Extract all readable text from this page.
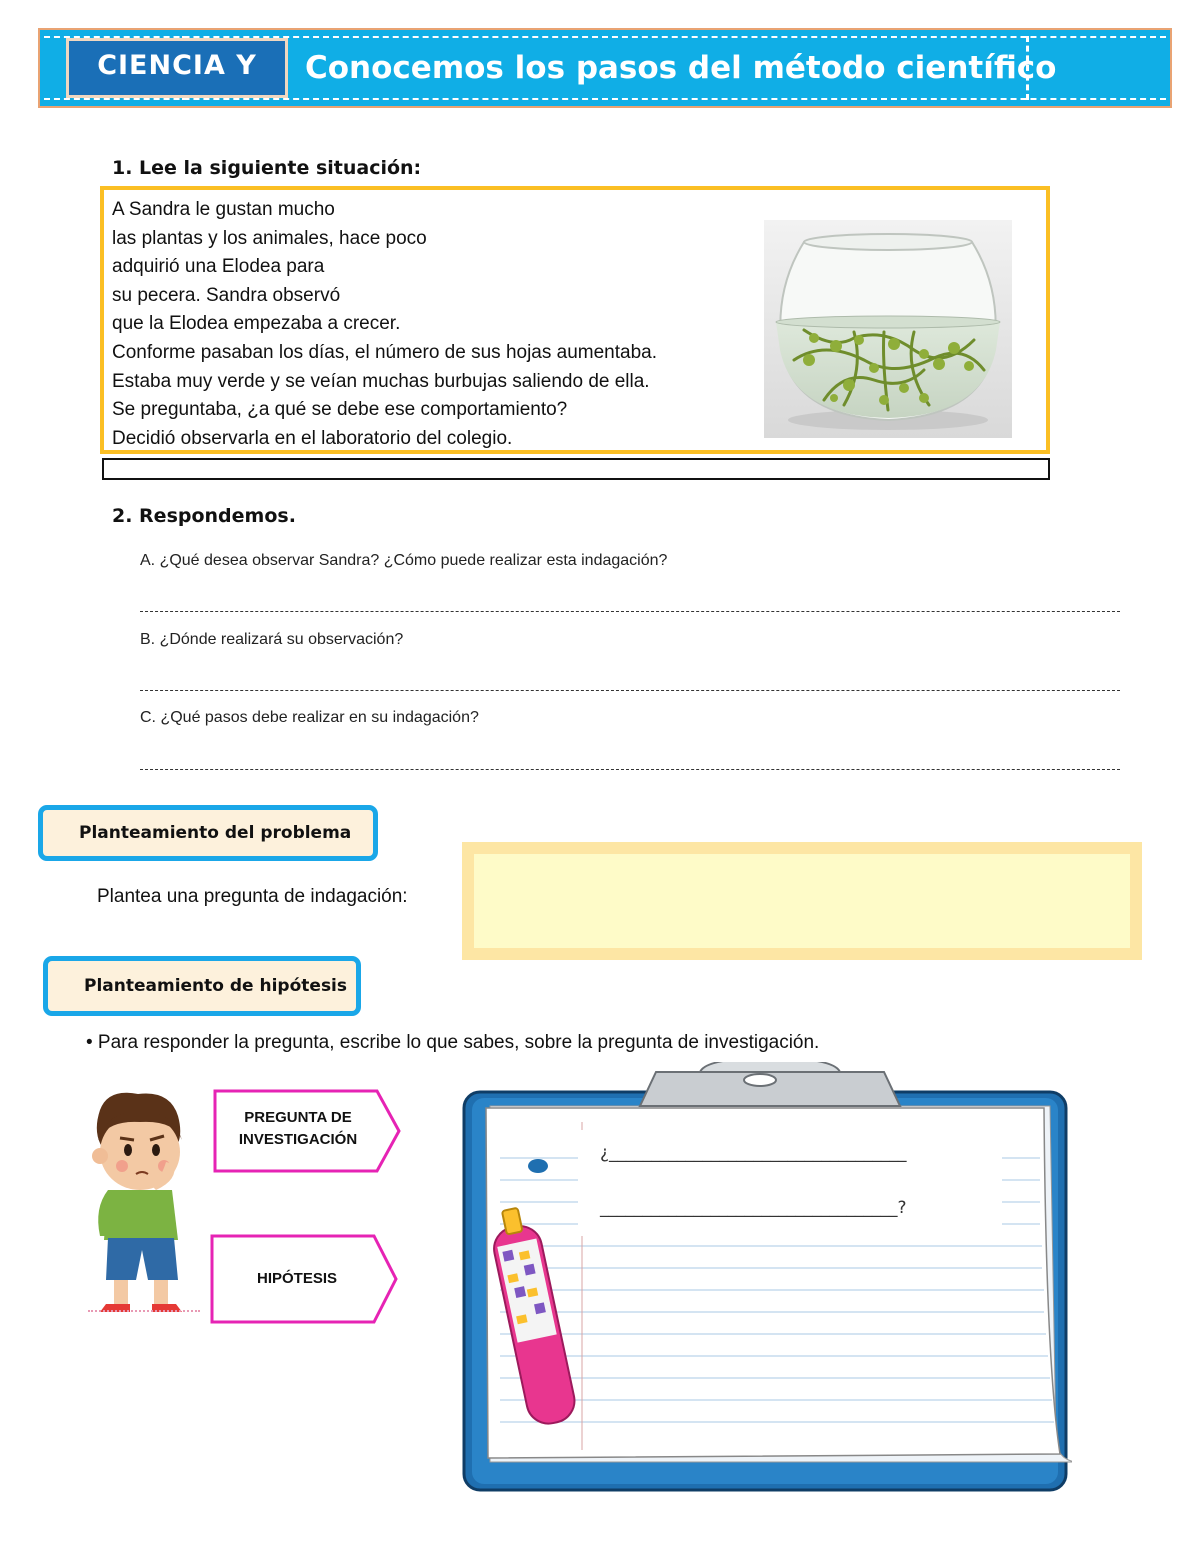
CIENCIA Y Conocemos los pasos del método científico
1. Lee la siguiente situación:
A Sandra le gustan mucho
las plantas y los animales, hace poco
adquirió una Elodea para
su pecera. Sandra observó
que la Elodea empezaba a crecer.
Conforme pasaban los días, el número de sus hojas aumentaba.
Estaba muy verde y se veían muchas burbujas saliendo de ella.
Se preguntaba, ¿a qué se debe ese comportamiento?
Decidió observarla en el laboratorio del colegio.
2. Respondemos.
A. ¿Qué desea observar Sandra? ¿Cómo puede realizar esta indagación?
B. ¿Dónde realizará su observación?
C. ¿Qué pasos debe realizar en su indagación?
Planteamiento del problema
Plantea una pregunta de indagación:
Planteamiento de hipótesis
• Para responder la pregunta, escribe lo que sabes, sobre la pregunta de investigación.
PREGUNTA DE
INVESTIGACIÓN
HIPÓTESIS
¿___________________________________
___________________________________?
